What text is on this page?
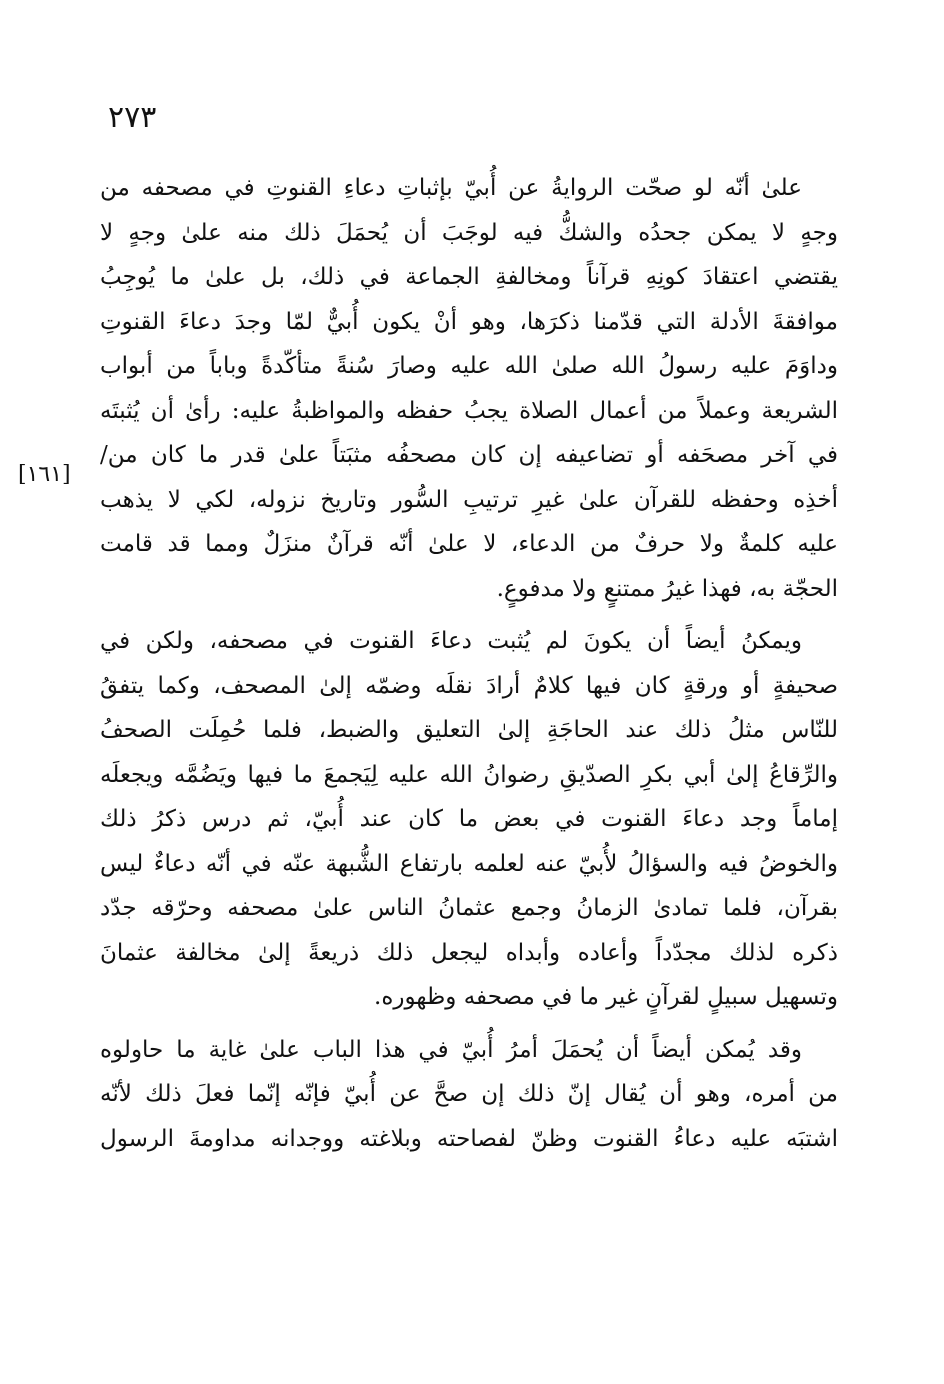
٢٧٣
[١٦١]
علىٰ أنّه لو صحّت الروايةُ عن أُبيّ بإثباتِ دعاءِ القنوتِ في مصحفه من
وجهٍ لا يمكن جحدُه والشكُّ فيه لوجَبَ أن يُحمَلَ ذلك منه علىٰ وجهٍ لا
يقتضي اعتقادَ كونِهِ قرآناً ومخالفةِ الجماعة في ذلك، بل علىٰ ما يُوجِبُ
موافقةَ الأدلة التي قدّمنا ذكرَها، وهو أنْ يكون أُبيٌّ لمّا وجدَ دعاءَ القنوتِ
وداوَمَ عليه رسولُ الله صلىٰ الله عليه وصارَ سُنةً متأكّدةً وباباً من أبواب
الشريعة وعملاً من أعمال الصلاة يجبُ حفظه والمواظبةُ عليه: رأىٰ أن يُثبتَه
في آخر مصحَفه أو تضاعيفه إن كان مصحفُه مثبَتاً علىٰ قدر ما كان من/
أخذِه وحفظه للقرآن علىٰ غيرِ ترتيبِ السُّور وتاريخ نزوله، لكي لا يذهب
عليه كلمةٌ ولا حرفٌ من الدعاء، لا علىٰ أنّه قرآنٌ منزَلٌ ومما قد قامت
الحجّة به، فهذا غيرُ ممتنعٍ ولا مدفوعٍ.
ويمكنُ أيضاً أن يكونَ لم يُثبت دعاءَ القنوت في مصحفه، ولكن في
صحيفةٍ أو ورقةٍ كان فيها كلامٌ أرادَ نقلَه وضمّه إلىٰ المصحف، وكما يتفقُ
للنّاس مثلُ ذلك عند الحاجَةِ إلىٰ التعليق والضبط، فلما حُمِلَت الصحفُ
والرِّقاعُ إلىٰ أبي بكرِ الصدّيقِ رضوانُ الله عليه لِيَجمعَ ما فيها ويَضُمَّه ويجعلَه
إماماً وجد دعاءَ القنوت في بعض ما كان عند أُبيّ، ثم درس ذكرُ ذلك
والخوضُ فيه والسؤالُ لأُبيّ عنه لعلمه بارتفاع الشُّبهة عنّه في أنّه دعاءٌ ليس
بقرآن، فلما تمادىٰ الزمانُ وجمع عثمانُ الناس علىٰ مصحفه وحرّقه جدّد
ذكره لذلك مجدّداً وأعاده وأبداه ليجعل ذلك ذريعةً إلىٰ مخالفة عثمانَ
وتسهيل سبيلٍ لقرآنٍ غير ما في مصحفه وظهوره.
وقد يُمكن أيضاً أن يُحمَلَ أمرُ أُبيّ في هذا الباب علىٰ غاية ما حاولوه
من أمره، وهو أن يُقال إنّ ذلك إن صحَّ عن أُبيّ فإنّه إنّما فعلَ ذلك لأنّه
اشتبَه عليه دعاءُ القنوت وظنّ لفصاحته وبلاغته ووجدانه مداومةَ الرسول
